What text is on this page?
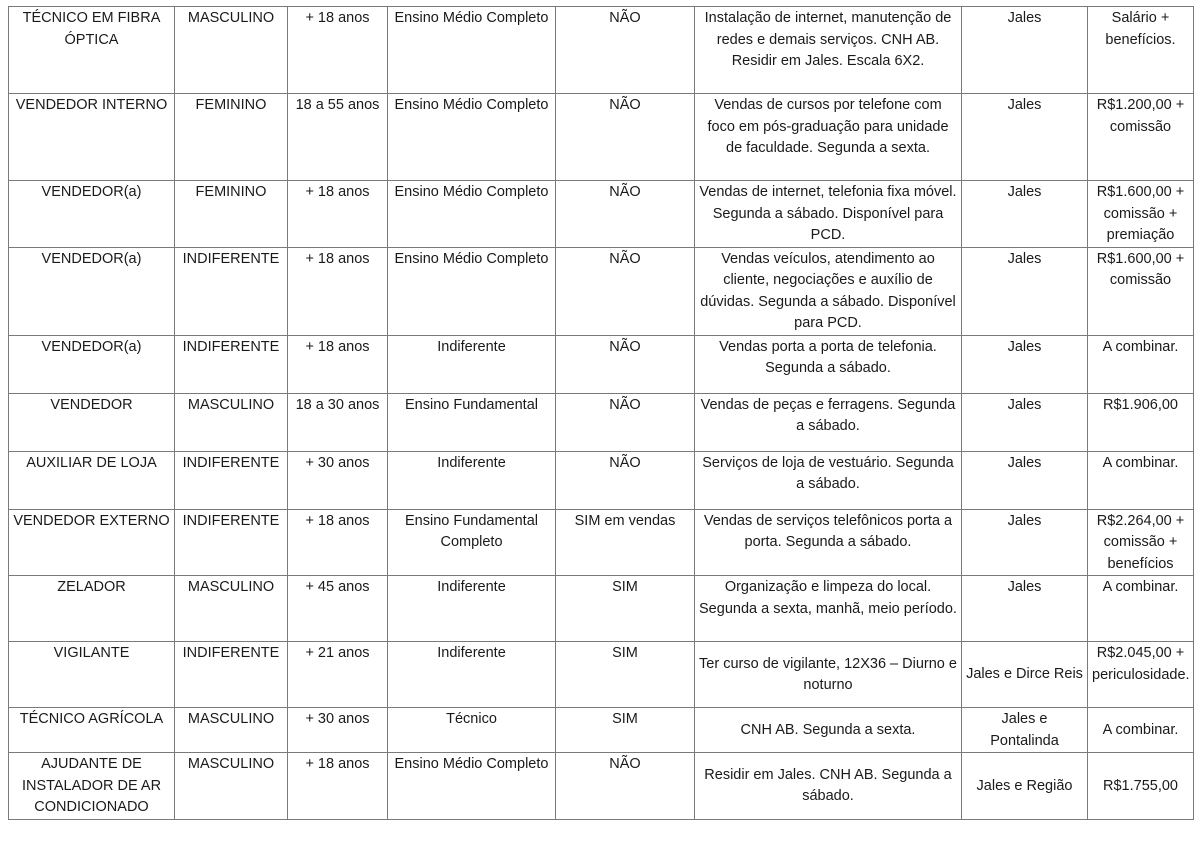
TÉCNICO EM FIBRA ÓPTICA	MASCULINO	+ 18 anos	Ensino Médio Completo	NÃO	Instalação de internet, manutenção de redes e demais serviços. CNH AB. Residir em Jales. Escala 6X2.	Jales	Salário + benefícios.
VENDEDOR INTERNO	FEMININO	18 a 55 anos	Ensino Médio Completo	NÃO	Vendas de cursos por telefone com foco em pós-graduação para unidade de faculdade. Segunda a sexta.	Jales	R$1.200,00 + comissão
VENDEDOR(a)	FEMININO	+ 18 anos	Ensino Médio Completo	NÃO	Vendas de internet, telefonia fixa móvel. Segunda a sábado. Disponível para PCD.	Jales	R$1.600,00 + comissão + premiação
VENDEDOR(a)	INDIFERENTE	+ 18 anos	Ensino Médio Completo	NÃO	Vendas veículos, atendimento ao cliente, negociações e auxílio de dúvidas. Segunda a sábado. Disponível para PCD.	Jales	R$1.600,00 + comissão
VENDEDOR(a)	INDIFERENTE	+ 18 anos	Indiferente	NÃO	Vendas porta a porta de telefonia. Segunda a sábado.	Jales	A combinar.
VENDEDOR	MASCULINO	18 a 30 anos	Ensino Fundamental	NÃO	Vendas de peças e ferragens. Segunda a sábado.	Jales	R$1.906,00
AUXILIAR DE LOJA	INDIFERENTE	+ 30 anos	Indiferente	NÃO	Serviços de loja de vestuário. Segunda a sábado.	Jales	A combinar.
VENDEDOR EXTERNO	INDIFERENTE	+ 18 anos	Ensino Fundamental Completo	SIM em vendas	Vendas de serviços telefônicos porta a porta. Segunda a sábado.	Jales	R$2.264,00 + comissão + benefícios
ZELADOR	MASCULINO	+ 45 anos	Indiferente	SIM	Organização e limpeza do local. Segunda a sexta, manhã, meio período.	Jales	A combinar.
VIGILANTE	INDIFERENTE	+ 21 anos	Indiferente	SIM	Ter curso de vigilante, 12X36 – Diurno e noturno	Jales e Dirce Reis	R$2.045,00 + periculosidade.
TÉCNICO AGRÍCOLA	MASCULINO	+ 30 anos	Técnico	SIM	CNH AB. Segunda a sexta.	Jales e Pontalinda	A combinar.
AJUDANTE DE INSTALADOR DE AR CONDICIONADO	MASCULINO	+ 18 anos	Ensino Médio Completo	NÃO	Residir em Jales. CNH AB. Segunda a sábado.	Jales e Região	R$1.755,00
